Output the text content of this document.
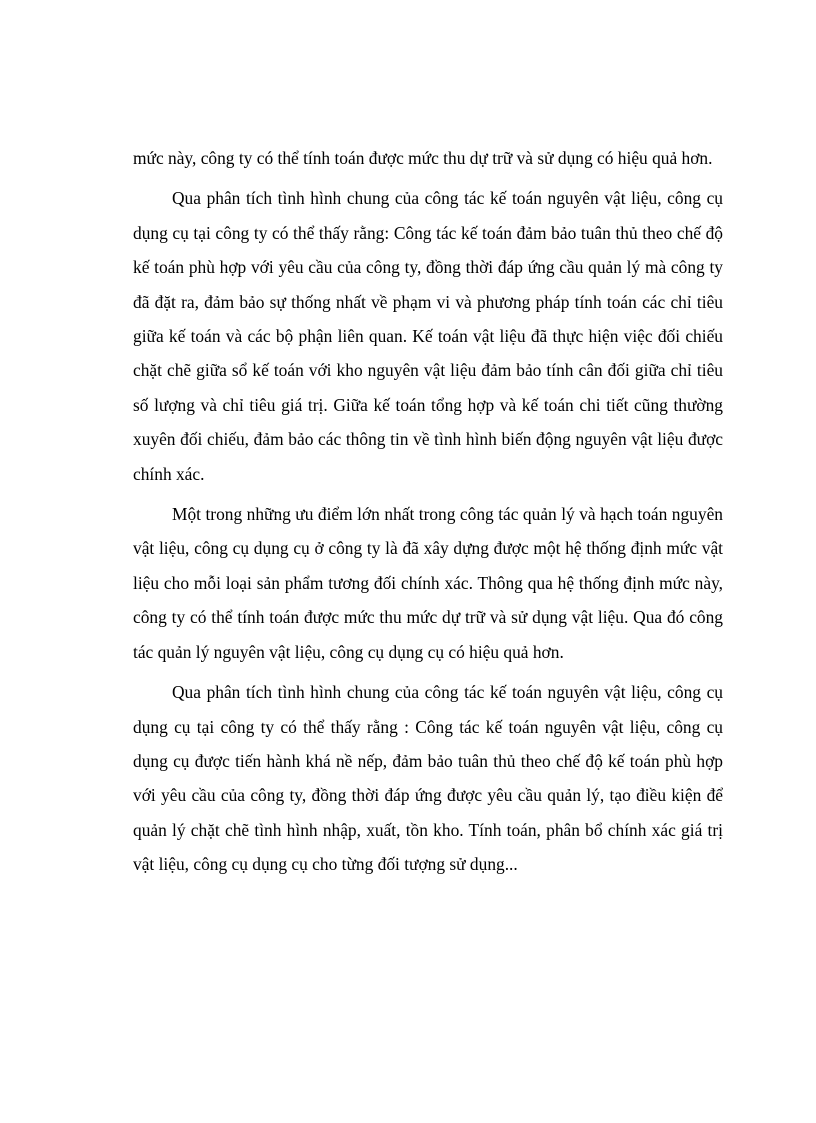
mức này, công ty có thể tính toán được mức thu dự trữ và sử dụng có hiệu quả hơn.

Qua phân tích tình hình chung của công tác kế toán nguyên vật liệu, công cụ dụng cụ tại công ty có thể thấy rằng: Công tác kế toán đảm bảo tuân thủ theo chế độ kế toán phù hợp với yêu cầu của công ty, đồng thời đáp ứng cầu quản lý mà công ty đã đặt ra, đảm bảo sự thống nhất về phạm vi và phương pháp tính toán các chỉ tiêu giữa kế toán và các bộ phận liên quan. Kế toán vật liệu đã thực hiện việc đối chiếu chặt chẽ giữa sổ kế toán với kho nguyên vật liệu đảm bảo tính cân đối giữa chỉ tiêu số lượng và chỉ tiêu giá trị. Giữa kế toán tổng hợp và kế toán chi tiết cũng thường xuyên đối chiếu, đảm bảo các thông tin về tình hình biến động nguyên vật liệu được chính xác.

Một trong những ưu điểm lớn nhất trong công tác quản lý và hạch toán nguyên vật liệu, công cụ dụng cụ ở công ty là đã xây dựng được một hệ thống định mức vật liệu cho mỗi loại sản phẩm tương đối chính xác. Thông qua hệ thống định mức này, công ty có thể tính toán được mức thu mức dự trữ và sử dụng vật liệu. Qua đó công tác quản lý nguyên vật liệu, công cụ dụng cụ có hiệu quả hơn.

Qua phân tích tình hình chung của công tác kế toán nguyên vật liệu, công cụ dụng cụ tại công ty có thể thấy rằng : Công tác kế toán nguyên vật liệu, công cụ dụng cụ được tiến hành khá nề nếp, đảm bảo tuân thủ theo chế độ kế toán phù hợp với yêu cầu của công ty, đồng thời đáp ứng được yêu cầu quản lý, tạo điều kiện để quản lý chặt chẽ tình hình nhập, xuất, tồn kho. Tính toán, phân bổ chính xác giá trị vật liệu, công cụ dụng cụ cho từng đối tượng sử dụng...
